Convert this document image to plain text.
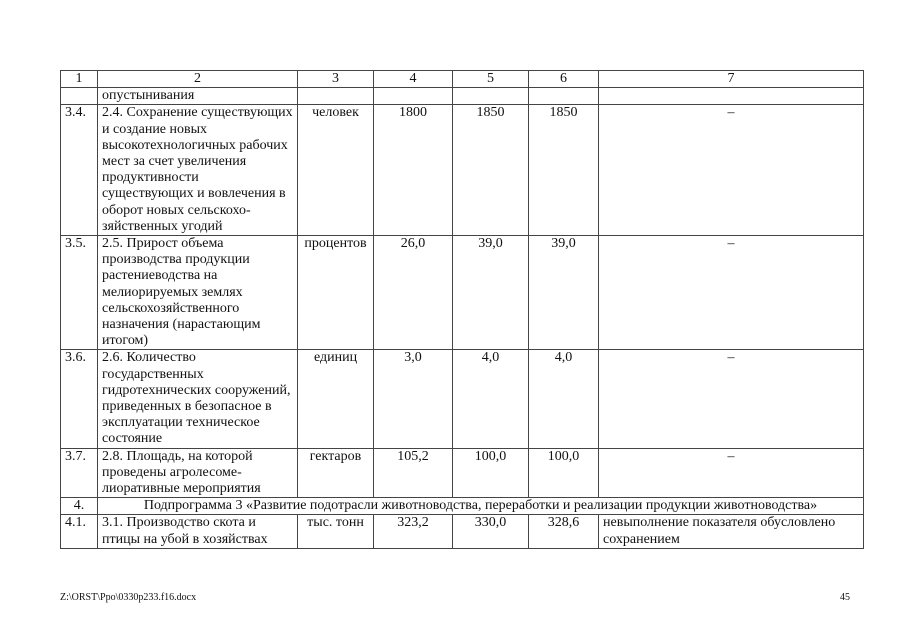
1	2	3	4	5	6	7
	опустынивания					
3.4.	2.4. Сохранение существующих и создание новых высокотехнологичных рабочих мест за счет увеличения продуктивности существующих и вовлечения в оборот новых сельскохо-зяйственных угодий	человек	1800	1850	1850	–
3.5.	2.5. Прирост объема производства продукции растениеводства на мелиорируемых землях сельскохозяйственного назначения (нарастающим итогом)	процентов	26,0	39,0	39,0	–
3.6.	2.6. Количество государственных гидротехнических сооружений, приведенных в безопасное в эксплуатации техническое состояние	единиц	3,0	4,0	4,0	–
3.7.	2.8. Площадь, на которой проведены агролесоме-лиоративные мероприятия	гектаров	105,2	100,0	100,0	–
4.	Подпрограмма 3 «Развитие подотрасли животноводства, переработки и реализации продукции животноводства»					
4.1.	3.1. Производство скота и птицы на убой в хозяйствах	тыс. тонн	323,2	330,0	328,6	невыполнение показателя обусловлено сохранением
Z:\ORST\Ppo\0330p233.f16.docx	45
